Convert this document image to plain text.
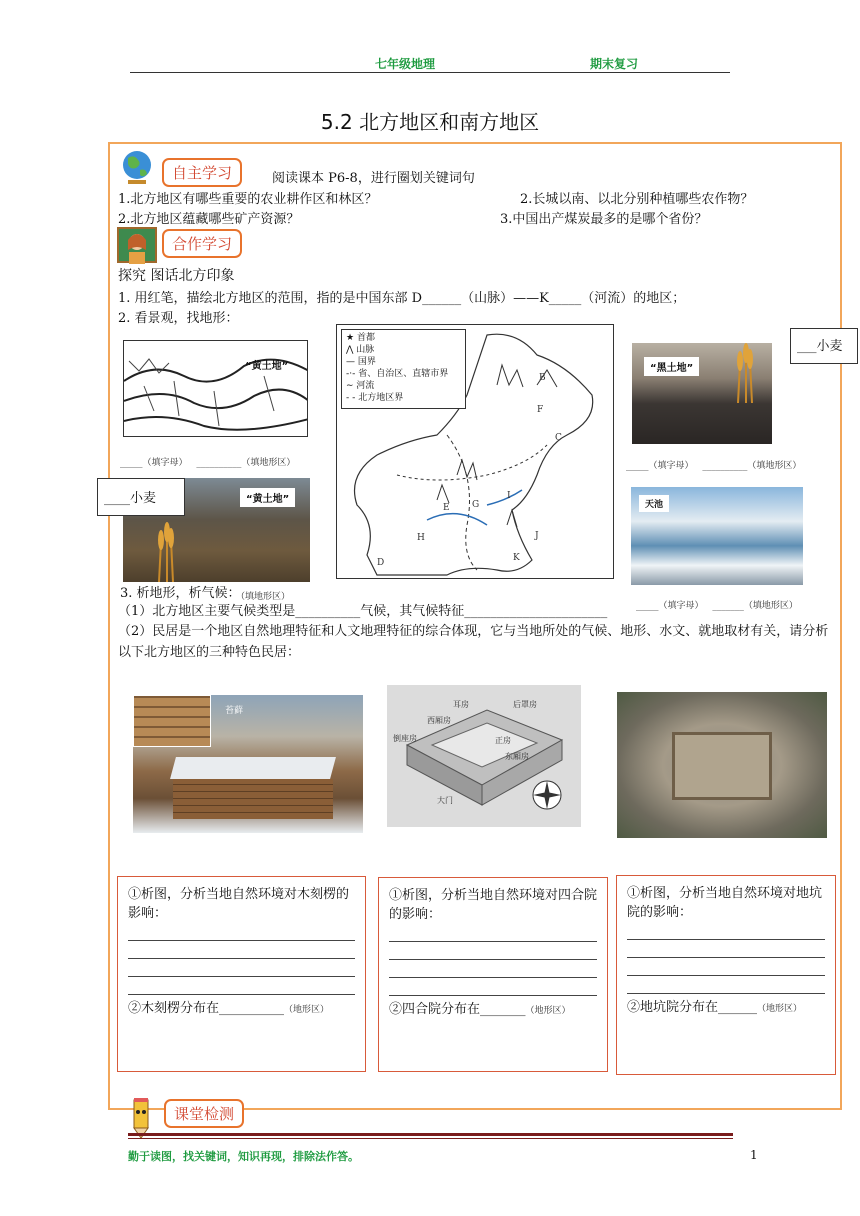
七年级地理	期末复习
5.2 北方地区和南方地区
自主学习	阅读课本 P6-8，进行圈划关键词句
1.北方地区有哪些重要的农业耕作区和林区？	2.长城以南、以北分别种植哪些农作物？
2.北方地区蕴藏哪些矿产资源？	3.中国出产煤炭最多的是哪个省份？
合作学习
探究 图话北方印象
1. 用红笔，描绘北方地区的范围，指的是中国东部 D______（山脉）——K_____（河流）的地区；
2. 看景观，找地形：
“黄土地”
_____（填字母） __________（填地形区）
★ 首都
⋀ 山脉
— 国界
-·- 省、自治区、直辖市界
∼ 河流
- - 北方地区界
B
F
C
I
E G
H	J
D	K
“黑土地”
___小麦
_____（填字母） __________（填地形区）
“黄土地”
____小麦	天池
3. 析地形，析气候：
（填地形区）
（1）北方地区主要气候类型是__________气候，其气候特征______________________	_____（填字母） _______（填地形区）
（2）民居是一个地区自然地理特征和人文地理特征的综合体现，它与当地所处的气候、地形、水文、就地取材有关，请分析以下北方地区的三种特色民居：
苔藓
耳房	后罩房
西厢房
倒座房	正房
东厢房
大门
①析图，分析当地自然环境对木刻楞的影响：
②木刻楞分布在__________（地形区）
①析图，分析当地自然环境对四合院的影响：
②四合院分布在_______（地形区）
①析图，分析当地自然环境对地坑院的影响：
②地坑院分布在______（地形区）
课堂检测
勤于读图，找关键词，知识再现，排除法作答。	1
